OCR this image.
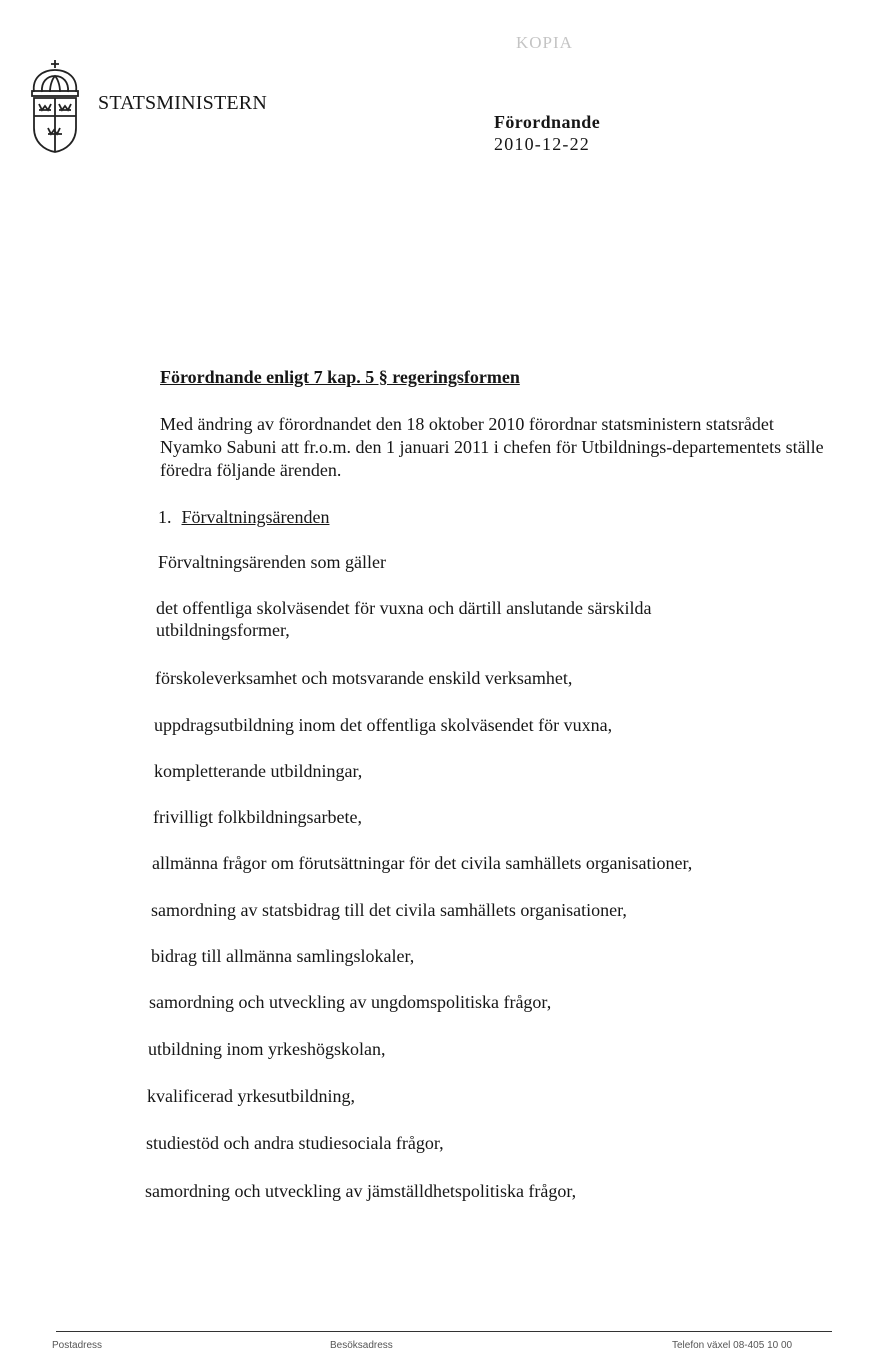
KOPIA
STATSMINISTERN
Förordnande
2010-12-22
Förordnande enligt 7 kap. 5 § regeringsformen
Med ändring av förordnandet den 18 oktober 2010 förordnar statsministern statsrådet Nyamko Sabuni att fr.o.m. den 1 januari 2011 i chefen för Utbildnings-departementets ställe föredra följande ärenden.
1. Förvaltningsärenden
Förvaltningsärenden som gäller
det offentliga skolväsendet för vuxna och därtill anslutande särskilda utbildningsformer,
förskoleverksamhet och motsvarande enskild verksamhet,
uppdragsutbildning inom det offentliga skolväsendet för vuxna,
kompletterande utbildningar,
frivilligt folkbildningsarbete,
allmänna frågor om förutsättningar för det civila samhällets organisationer,
samordning av statsbidrag till det civila samhällets organisationer,
bidrag till allmänna samlingslokaler,
samordning och utveckling av ungdomspolitiska frågor,
utbildning inom yrkeshögskolan,
kvalificerad yrkesutbildning,
studiestöd och andra studiesociala frågor,
samordning och utveckling av jämställdhetspolitiska frågor,
Postadress	Besöksadress	Telefon växel 08-405 10 00
